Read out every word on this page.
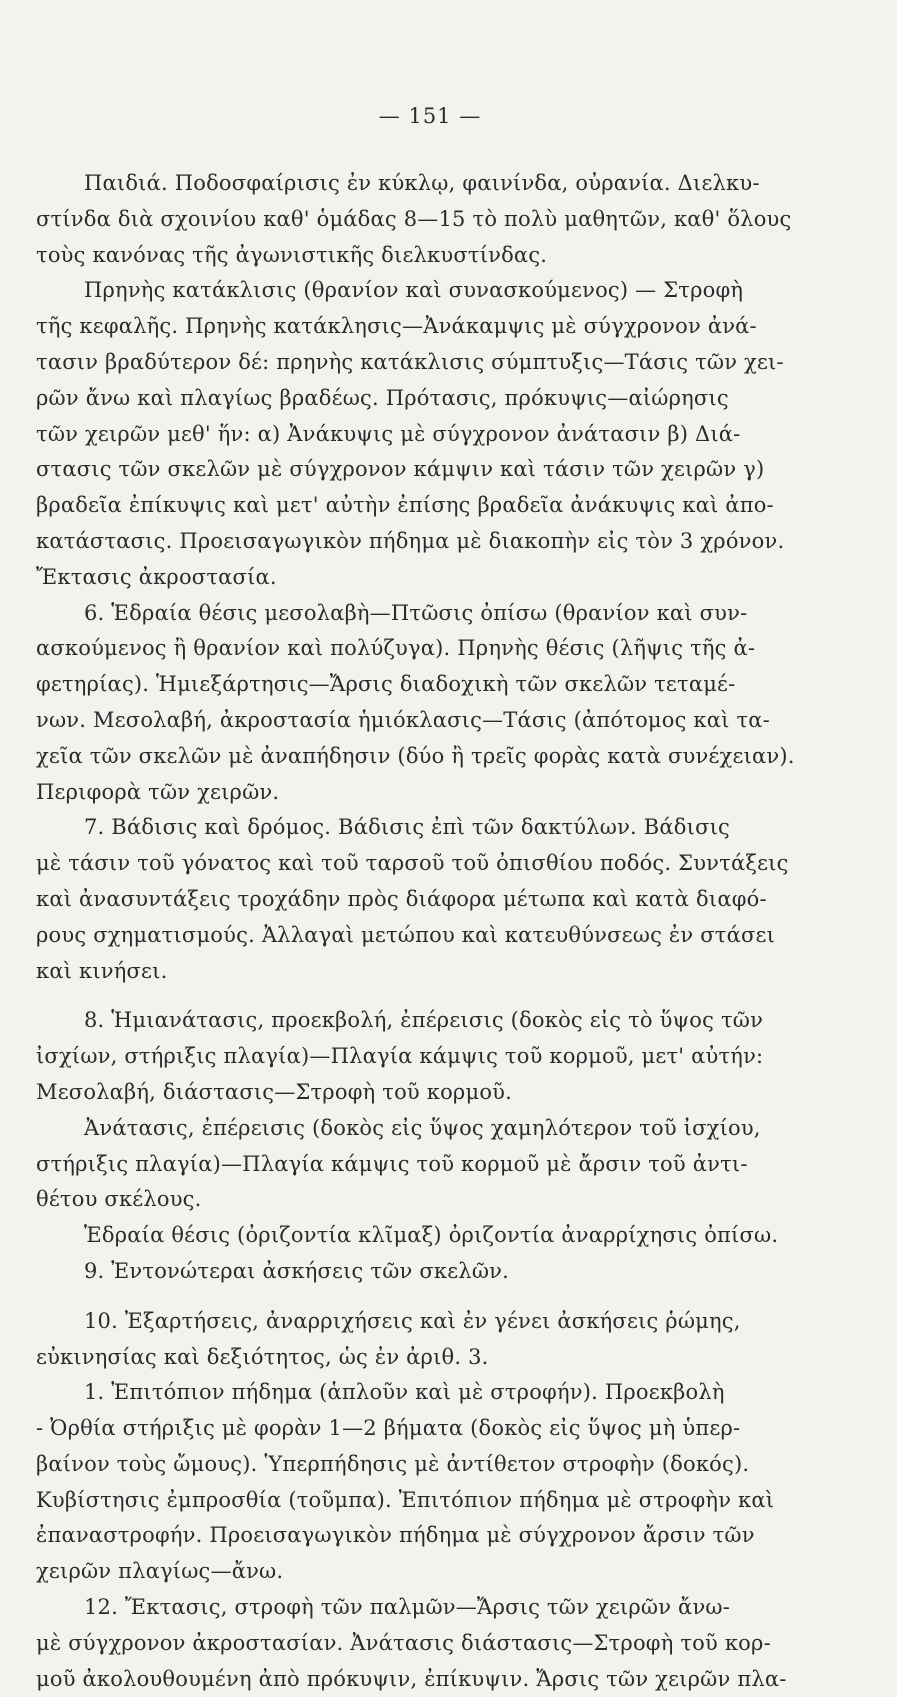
— 151 —
Παιδιά. Ποδοσφαίρισις ἐν κύκλῳ, φαινίνδα, οὐρανία. Διελκυ-
στίνδα διὰ σχοινίου καθ' ὁμάδας 8—15 τὸ πολὺ μαθητῶν, καθ' ὅλους
τοὺς κανόνας τῆς ἀγωνιστικῆς διελκυστίνδας.
Πρηνὴς κατάκλισις (θρανίον καὶ συνασκούμενος) — Στροφὴ
τῆς κεφαλῆς. Πρηνὴς κατάκλησις—Ἀνάκαμψις μὲ σύγχρονον ἀνά-
τασιν βραδύτερον δέ: πρηνὴς κατάκλισις σύμπτυξις—Τάσις τῶν χει-
ρῶν ἄνω καὶ πλαγίως βραδέως. Πρότασις, πρόκυψις—αἰώρησις
τῶν χειρῶν μεθ' ἥν: α) Ἀνάκυψις μὲ σύγχρονον ἀνάτασιν β) Διά-
στασις τῶν σκελῶν μὲ σύγχρονον κάμψιν καὶ τάσιν τῶν χειρῶν γ)
βραδεῖα ἐπίκυψις καὶ μετ' αὐτὴν ἐπίσης βραδεῖα ἀνάκυψις καὶ ἀπο-
κατάστασις. Προεισαγωγικὸν πήδημα μὲ διακοπὴν εἰς τὸν 3 χρόνον.
Ἔκτασις ἀκροστασία.
6. Ἑδραία θέσις μεσολαβὴ—Πτῶσις ὀπίσω (θρανίον καὶ συν-
ασκούμενος ἢ θρανίον καὶ πολύζυγα). Πρηνὴς θέσις (λῆψις τῆς ἀ-
φετηρίας). Ἡμιεξάρτησις—Ἄρσις διαδοχικὴ τῶν σκελῶν τεταμέ-
νων. Μεσολαβή, ἀκροστασία ἡμιόκλασις—Τάσις (ἀπότομος καὶ τα-
χεῖα τῶν σκελῶν μὲ ἀναπήδησιν (δύο ἢ τρεῖς φορὰς κατὰ συνέχειαν).
Περιφορὰ τῶν χειρῶν.
7. Βάδισις καὶ δρόμος. Βάδισις ἐπὶ τῶν δακτύλων. Βάδισις
μὲ τάσιν τοῦ γόνατος καὶ τοῦ ταρσοῦ τοῦ ὀπισθίου ποδός. Συντάξεις
καὶ ἀνασυντάξεις τροχάδην πρὸς διάφορα μέτωπα καὶ κατὰ διαφό-
ρους σχηματισμούς. Ἀλλαγαὶ μετώπου καὶ κατευθύνσεως ἐν στάσει
καὶ κινήσει.
8. Ἡμιανάτασις, προεκβολή, ἐπέρεισις (δοκὸς εἰς τὸ ὕψος τῶν
ἰσχίων, στήριξις πλαγία)—Πλαγία κάμψις τοῦ κορμοῦ, μετ' αὐτήν:
Μεσολαβή, διάστασις—Στροφὴ τοῦ κορμοῦ.
Ἀνάτασις, ἐπέρεισις (δοκὸς εἰς ὕψος χαμηλότερον τοῦ ἰσχίου,
στήριξις πλαγία)—Πλαγία κάμψις τοῦ κορμοῦ μὲ ἄρσιν τοῦ ἀντι-
θέτου σκέλους.
Ἑδραία θέσις (ὀριζοντία κλῖμαξ) ὀριζοντία ἀναρρίχησις ὀπίσω.
9. Ἐντονώτεραι ἀσκήσεις τῶν σκελῶν.
10. Ἐξαρτήσεις, ἀναρριχήσεις καὶ ἐν γένει ἀσκήσεις ῥώμης,
εὐκινησίας καὶ δεξιότητος, ὡς ἐν ἀριθ. 3.
1. Ἐπιτόπιον πήδημα (ἁπλοῦν καὶ μὲ στροφήν). Προεκβολὴ
- Ὀρθία στήριξις μὲ φορὰν 1—2 βήματα (δοκὸς εἰς ὕψος μὴ ὑπερ-
βαίνον τοὺς ὤμους). Ὑπερπήδησις μὲ ἀντίθετον στροφὴν (δοκός).
Κυβίστησις ἐμπροσθία (τοῦμπα). Ἐπιτόπιον πήδημα μὲ στροφὴν καὶ
ἐπαναστροφήν. Προεισαγωγικὸν πήδημα μὲ σύγχρονον ἄρσιν τῶν
χειρῶν πλαγίως—ἄνω.
12. Ἔκτασις, στροφὴ τῶν παλμῶν—Ἄρσις τῶν χειρῶν ἄνω-
μὲ σύγχρονον ἀκροστασίαν. Ἀνάτασις διάστασις—Στροφὴ τοῦ κορ-
μοῦ ἀκολουθουμένη ἀπὸ πρόκυψιν, ἐπίκυψιν. Ἄρσις τῶν χειρῶν πλα-
